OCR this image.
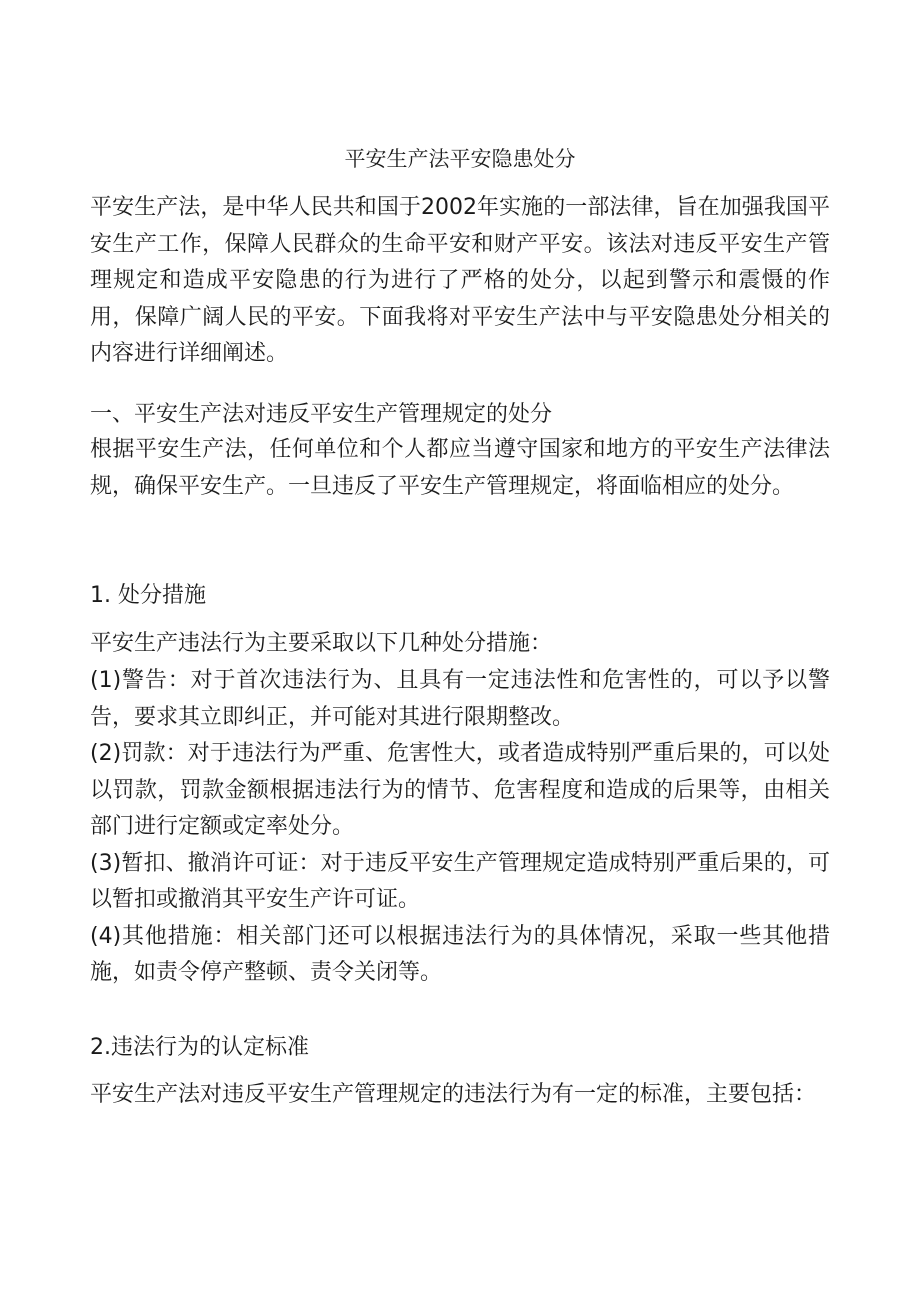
平安生产法平安隐患处分
平安生产法，是中华人民共和国于2002年实施的一部法律，旨在加强我国平安生产工作，保障人民群众的生命平安和财产平安。该法对违反平安生产管理规定和造成平安隐患的行为进行了严格的处分，以起到警示和震慑的作用，保障广阔人民的平安。下面我将对平安生产法中与平安隐患处分相关的内容进行详细阐述。
一、平安生产法对违反平安生产管理规定的处分
根据平安生产法，任何单位和个人都应当遵守国家和地方的平安生产法律法规，确保平安生产。一旦违反了平安生产管理规定，将面临相应的处分。
1. 处分措施
平安生产违法行为主要采取以下几种处分措施：
(1)警告：对于首次违法行为、且具有一定违法性和危害性的，可以予以警告，要求其立即纠正，并可能对其进行限期整改。
(2)罚款：对于违法行为严重、危害性大，或者造成特别严重后果的，可以处以罚款，罚款金额根据违法行为的情节、危害程度和造成的后果等，由相关部门进行定额或定率处分。
(3)暂扣、撤消许可证：对于违反平安生产管理规定造成特别严重后果的，可以暂扣或撤消其平安生产许可证。
(4)其他措施：相关部门还可以根据违法行为的具体情况，采取一些其他措施，如责令停产整顿、责令关闭等。
2.违法行为的认定标准
平安生产法对违反平安生产管理规定的违法行为有一定的标准，主要包括：
